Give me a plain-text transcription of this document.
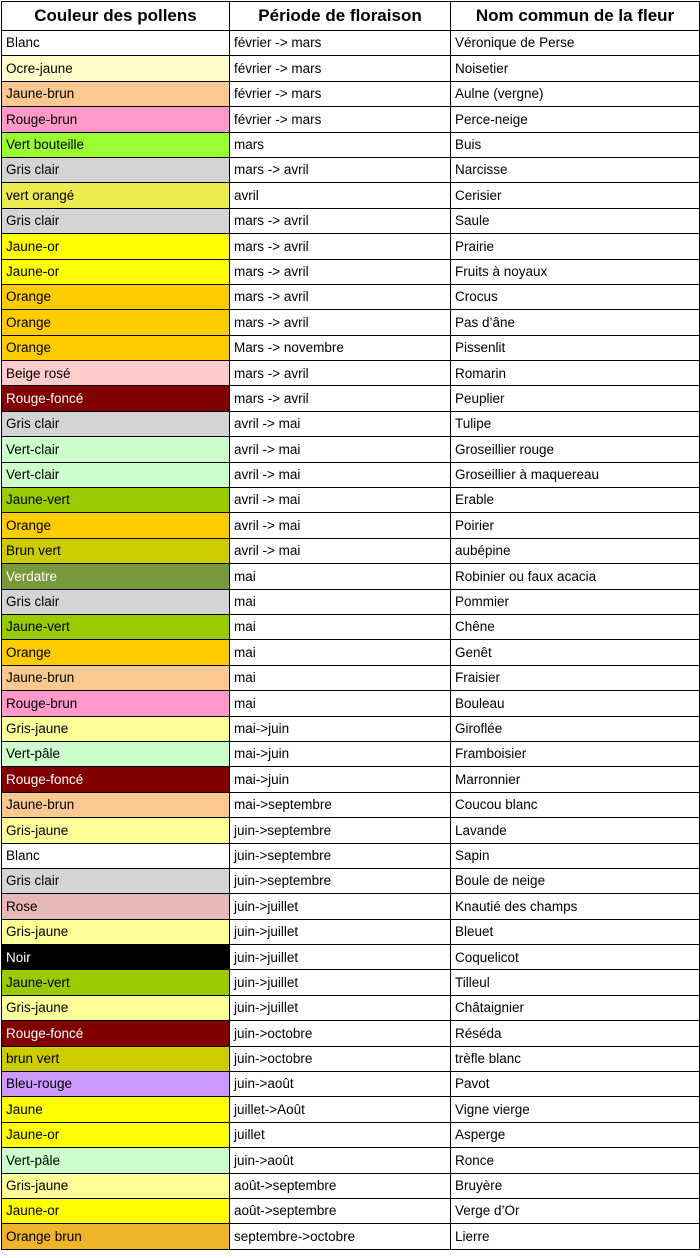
Couleur des pollens	Période de floraison	Nom commun de la fleur
Blanc	février -> mars	Véronique de Perse
Ocre-jaune	février -> mars	Noisetier
Jaune-brun	février -> mars	Aulne (vergne)
Rouge-brun	février -> mars	Perce-neige
Vert bouteille	mars	Buis
Gris clair	mars -> avril	Narcisse
vert orangé	avril	Cerisier
Gris clair	mars -> avril	Saule
Jaune-or	mars -> avril	Prairie
Jaune-or	mars -> avril	Fruits à noyaux
Orange	mars -> avril	Crocus
Orange	mars -> avril	Pas d’âne
Orange	Mars -> novembre	Pissenlit
Beige rosé	mars -> avril	Romarin
Rouge-foncé	mars -> avril	Peuplier
Gris clair	avril -> mai	Tulipe
Vert-clair	avril -> mai	Groseillier rouge
Vert-clair	avril -> mai	Groseillier à maquereau
Jaune-vert	avril -> mai	Erable
Orange	avril -> mai	Poirier
Brun vert	avril -> mai	aubépine
Verdatre	mai	Robinier ou faux acacia
Gris clair	mai	Pommier
Jaune-vert	mai	Chêne
Orange	mai	Genêt
Jaune-brun	mai	Fraisier
Rouge-brun	mai	Bouleau
Gris-jaune	mai->juin	Giroflée
Vert-pâle	mai->juin	Framboisier
Rouge-foncé	mai->juin	Marronnier
Jaune-brun	mai->septembre	Coucou blanc
Gris-jaune	juin->septembre	Lavande
Blanc	juin->septembre	Sapin
Gris clair	juin->septembre	Boule de neige
Rose	juin->juillet	Knautié des champs
Gris-jaune	juin->juillet	Bleuet
Noir	juin->juillet	Coquelicot
Jaune-vert	juin->juillet	Tilleul
Gris-jaune	juin->juillet	Châtaignier
Rouge-foncé	juin->octobre	Réséda
brun vert	juin->octobre	trèfle blanc
Bleu-rouge	juin->août	Pavot
Jaune	juillet->Août	Vigne vierge
Jaune-or	juillet	Asperge
Vert-pâle	juin->août	Ronce
Gris-jaune	août->septembre	Bruyère
Jaune-or	août->septembre	Verge d’Or
Orange brun	septembre->octobre	Lierre
